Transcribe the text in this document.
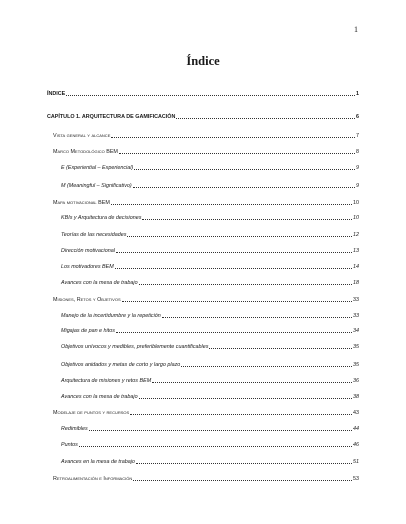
1
Índice
ÍNDICE	1
CAPÍTULO 1. ARQUITECTURA DE GAMIFICACIÓN	6
Vista general y alcance	7
Marco Metodológico BEM	8
E (Experiential – Experiencial)	9
M (Meaningful – Significativo)	9
Mapa motivacional BEM	10
KBIs y Arquitectura de decisiones	10
Teorías de las necesidades	12
Dirección motivacional	13
Los motivadores BEM	14
Avances con la mesa de trabajo	18
Misiones, Retos y Objetivos	33
Manejo de la incertidumbre y la repetición	33
Migajas de pan e hitos	34
Objetivos unívocos y medibles, preferiblemente cuantificables	35
Objetivos anidados y metas de corto y largo plazo	35
Arquitectura de misiones y retos BEM	36
Avances con la mesa de trabajo	38
Modelaje de puntos y recursos	43
Redimibles	44
Puntos	46
Avances en la mesa de trabajo	51
Retroalimentación e Información	53
